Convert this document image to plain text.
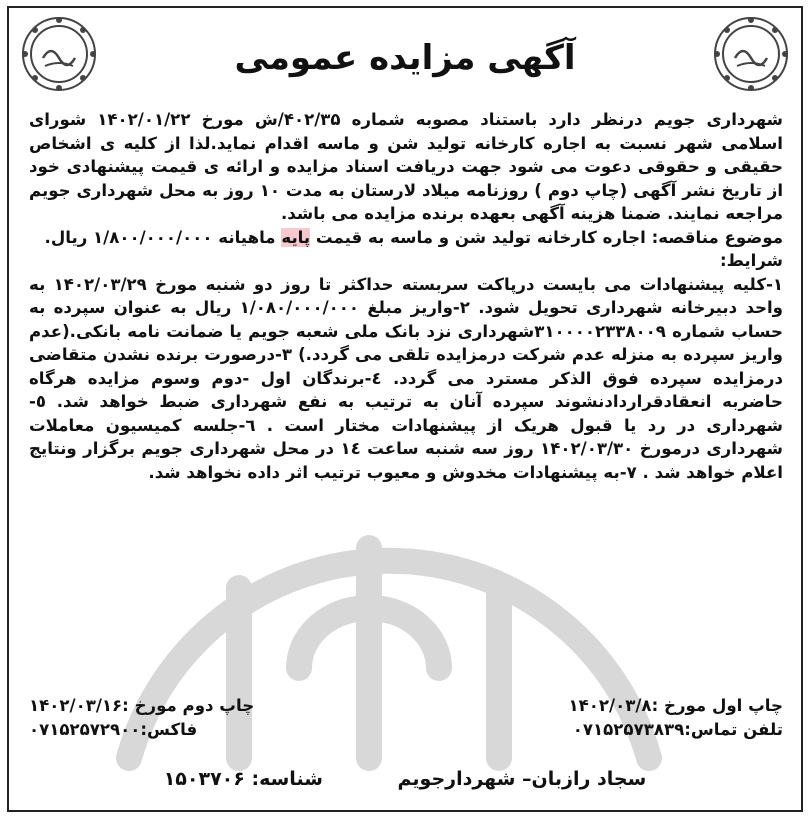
آگهی مزایده عمومی

شهرداری جویم درنظر دارد باستناد مصوبه شماره ۴۰۲/۳۵/ش مورخ ۱۴۰۲/۰۱/۲۲ شورای اسلامی شهر نسبت به اجاره کارخانه تولید شن و ماسه اقدام نماید.لذا از کلیه ی اشخاص حقیقی و حقوقی دعوت می شود جهت دریافت اسناد مزایده و ارائه ی قیمت پیشنهادی خود از تاریخ نشر آگهی (چاپ دوم ) روزنامه میلاد لارستان به مدت ۱۰ روز به محل شهرداری جویم مراجعه نمایند. ضمنا هزینه آگهی بعهده برنده مزایده می باشد.

موضوع مناقصه: اجاره کارخانه تولید شن و ماسه به قیمت پایه ماهیانه ۱/۸۰۰/۰۰۰/۰۰۰ ریال.

شرایط:

۱-کلیه پیشنهادات می بایست درپاکت سربسته حداکثر تا روز دو شنبه مورخ ۱۴۰۲/۰۳/۲۹ به واحد دبیرخانه شهرداری تحویل شود. ۲-واریز مبلغ ۱/۰۸۰/۰۰۰/۰۰۰ ریال به عنوان سپرده به حساب شماره ۳۱۰۰۰۰۲۳۳۸۰۰۹شهرداری نزد بانک ملی شعبه جویم یا ضمانت نامه بانکی.(عدم واریز سپرده به منزله عدم شرکت درمزایده تلقی می گردد.) ۳-درصورت برنده نشدن متقاضی درمزایده سپرده فوق الذکر مسترد می گردد. ٤-برندگان اول -دوم وسوم مزایده هرگاه حاضربه انعقادقراردادنشوند سپرده آنان به ترتیب به نفع شهرداری ضبط خواهد شد. ٥- شهرداری در رد یا قبول هریک از پیشنهادات مختار است . ٦-جلسه کمیسیون معاملات شهرداری درمورخ ۱۴۰۲/۰۳/۳۰ روز سه شنبه ساعت ۱٤ در محل شهرداری جویم برگزار ونتایج اعلام خواهد شد . ۷-به پیشنهادات مخدوش و معیوب ترتیب اثر داده نخواهد شد.

چاپ اول مورخ :۱۴۰۲/۰۳/۸
چاپ دوم مورخ :۱۴۰۲/۰۳/۱۶
تلفن تماس:۰۷۱۵۲۵۷۳۸۳۹
فاکس:۰۷۱۵۲۵۷۲۹۰۰
سجاد رازبان– شهردارجویم شناسه: ۱۵۰۳۷۰۶
